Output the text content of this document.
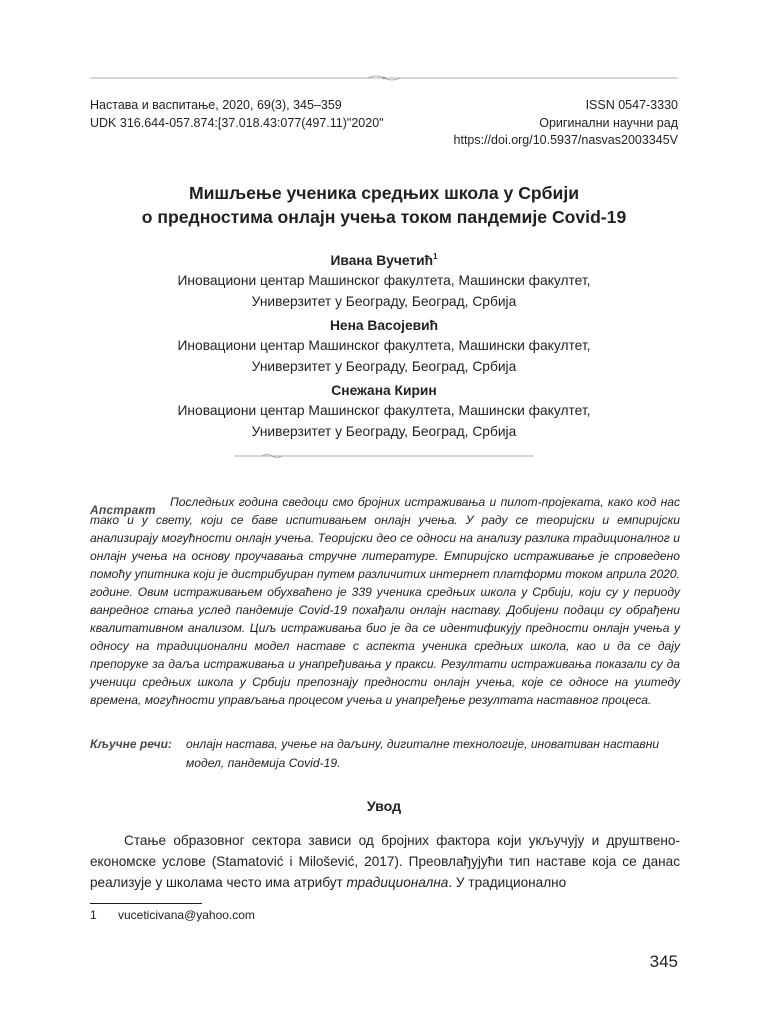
Настава и васпитање, 2020, 69(3), 345–359
UDK 316.644-057.874:[37.018.43:077(497.11)"2020"
ISSN 0547-3330
Оригинални научни рад
https://doi.org/10.5937/nasvas2003345V
Мишљење ученика средњих школа у Србији
о предностима онлајн учења током пандемије Covid-19
Ивана Вучетић$^1$
Иновациони центар Машинског факултета, Машински факултет,
Универзитет у Београду, Београд, Србија
Нена Васојевић
Иновациони центар Машинског факултета, Машински факултет,
Универзитет у Београду, Београд, Србија
Снежана Кирин
Иновациони центар Машинског факултета, Машински факултет,
Универзитет у Београду, Београд, Србија
Апстракт
Последњих година сведоци смо бројних истраживања и пилот-пројеката, како код нас тако и у свету, који се баве испитивањем онлајн учења. У раду се теоријски и емпиријски анализирају могућности онлајн учења. Теоријски део се односи на анализу разлика традиционалног и онлајн учења на основу проучавања стручне литературе. Емпиријско истраживање је спроведено помоћу упитника који је дистрибуиран путем различитих интернет платформи током априла 2020. године. Овим истраживањем обухваћено је 339 ученика средњих школа у Србији, који су у периоду ванредног стања услед пандемије Covid-19 похађали онлајн наставу. Добијени подаци су обрађени квалитативном анализом. Циљ истраживања био је да се идентификују предности онлајн учења у односу на традиционални модел наставе с аспекта ученика средњих школа, као и да се дају препоруке за даља истраживања и унапређивања у пракси. Резултати истраживања показали су да ученици средњих школа у Србији препознају предности онлајн учења, које се односе на уштеду времена, могућности управљања процесом учења и унапређење резултата наставног процеса.
Кључне речи: онлајн настава, учење на даљину, дигиталне технологије, иновативан наставни модел, пандемија Covid-19.
Увод

Стање образовног сектора зависи од бројних фактора који укључују и друштвено-економске услове (Stamatović i Milošević, 2017). Преовлађујући тип наставе која се данас реализује у школама често има атрибут традиционална. У традиционално

1 vuceticivana@yahoo.com
345
